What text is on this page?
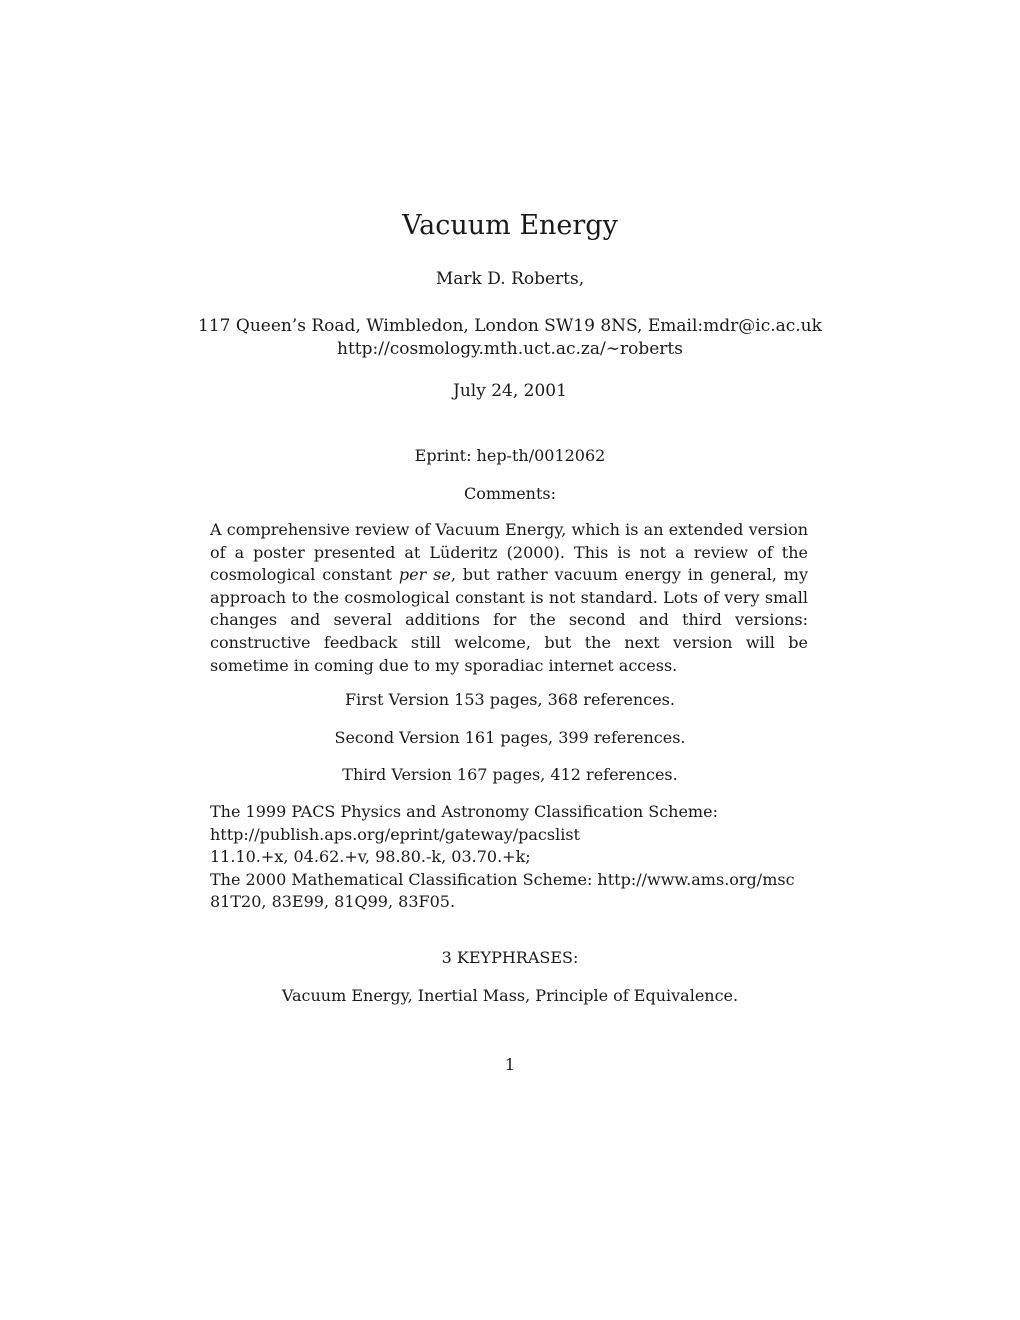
Vacuum Energy
Mark D. Roberts,
117 Queen’s Road, Wimbledon, London SW19 8NS, Email:mdr@ic.ac.uk
http://cosmology.mth.uct.ac.za/∼roberts
July 24, 2001
Eprint: hep-th/0012062
Comments:
A comprehensive review of Vacuum Energy, which is an extended version of a poster presented at Lüderitz (2000). This is not a review of the cosmological constant per se, but rather vacuum energy in general, my approach to the cosmological constant is not standard. Lots of very small changes and several additions for the second and third versions: constructive feedback still welcome, but the next version will be sometime in coming due to my sporadiac internet access.
First Version 153 pages, 368 references.
Second Version 161 pages, 399 references.
Third Version 167 pages, 412 references.
The 1999 PACS Physics and Astronomy Classification Scheme:
http://publish.aps.org/eprint/gateway/pacslist
11.10.+x, 04.62.+v, 98.80.-k, 03.70.+k;
The 2000 Mathematical Classification Scheme: http://www.ams.org/msc
81T20, 83E99, 81Q99, 83F05.
3 KEYPHRASES:
Vacuum Energy, Inertial Mass, Principle of Equivalence.
1
